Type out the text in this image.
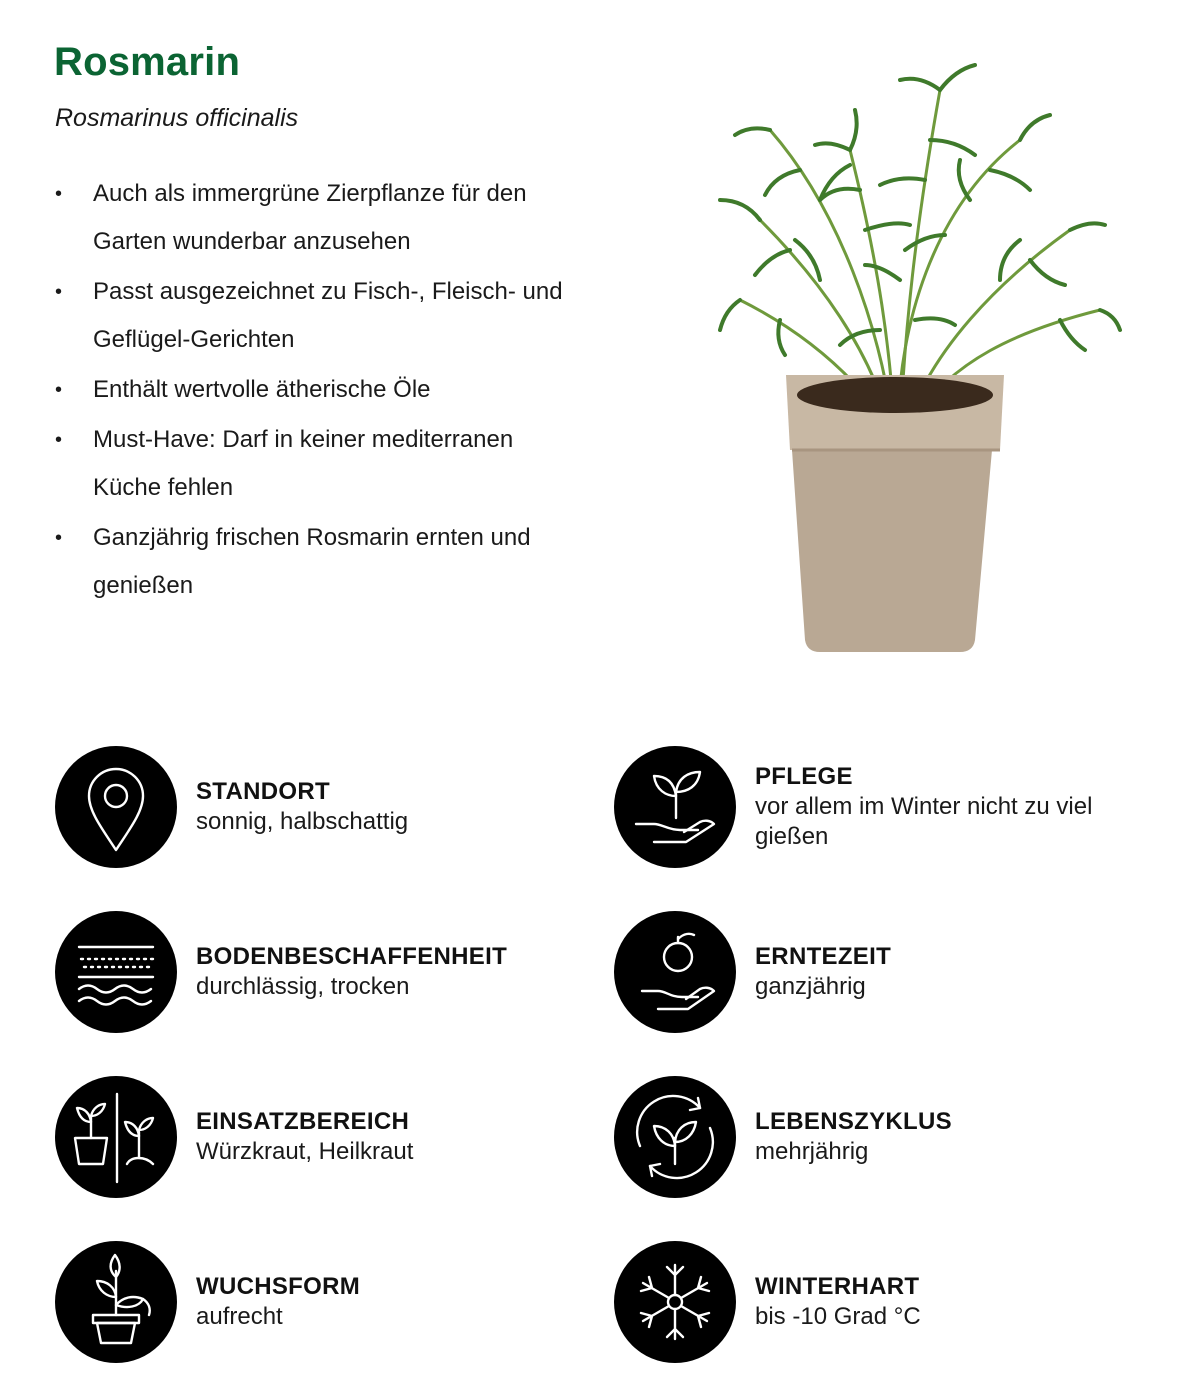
Rosmarin

Rosmarinus officinalis

• Auch als immergrüne Zierpflanze für den Garten wunderbar anzusehen
• Passt ausgezeichnet zu Fisch-, Fleisch- und Geflügel-Gerichten
• Enthält wertvolle ätherische Öle
• Must-Have: Darf in keiner mediterranen Küche fehlen
• Ganzjährig frischen Rosmarin ernten und genießen
STANDORT
sonnig, halbschattig
PFLEGE
vor allem im Winter nicht zu viel gießen
BODENBESCHAFFENHEIT
durchlässig, trocken
ERNTEZEIT
ganzjährig
EINSATZBEREICH
Würzkraut, Heilkraut
LEBENSZYKLUS
mehrjährig
WUCHSFORM
aufrecht
WINTERHART
bis -10 Grad °C
